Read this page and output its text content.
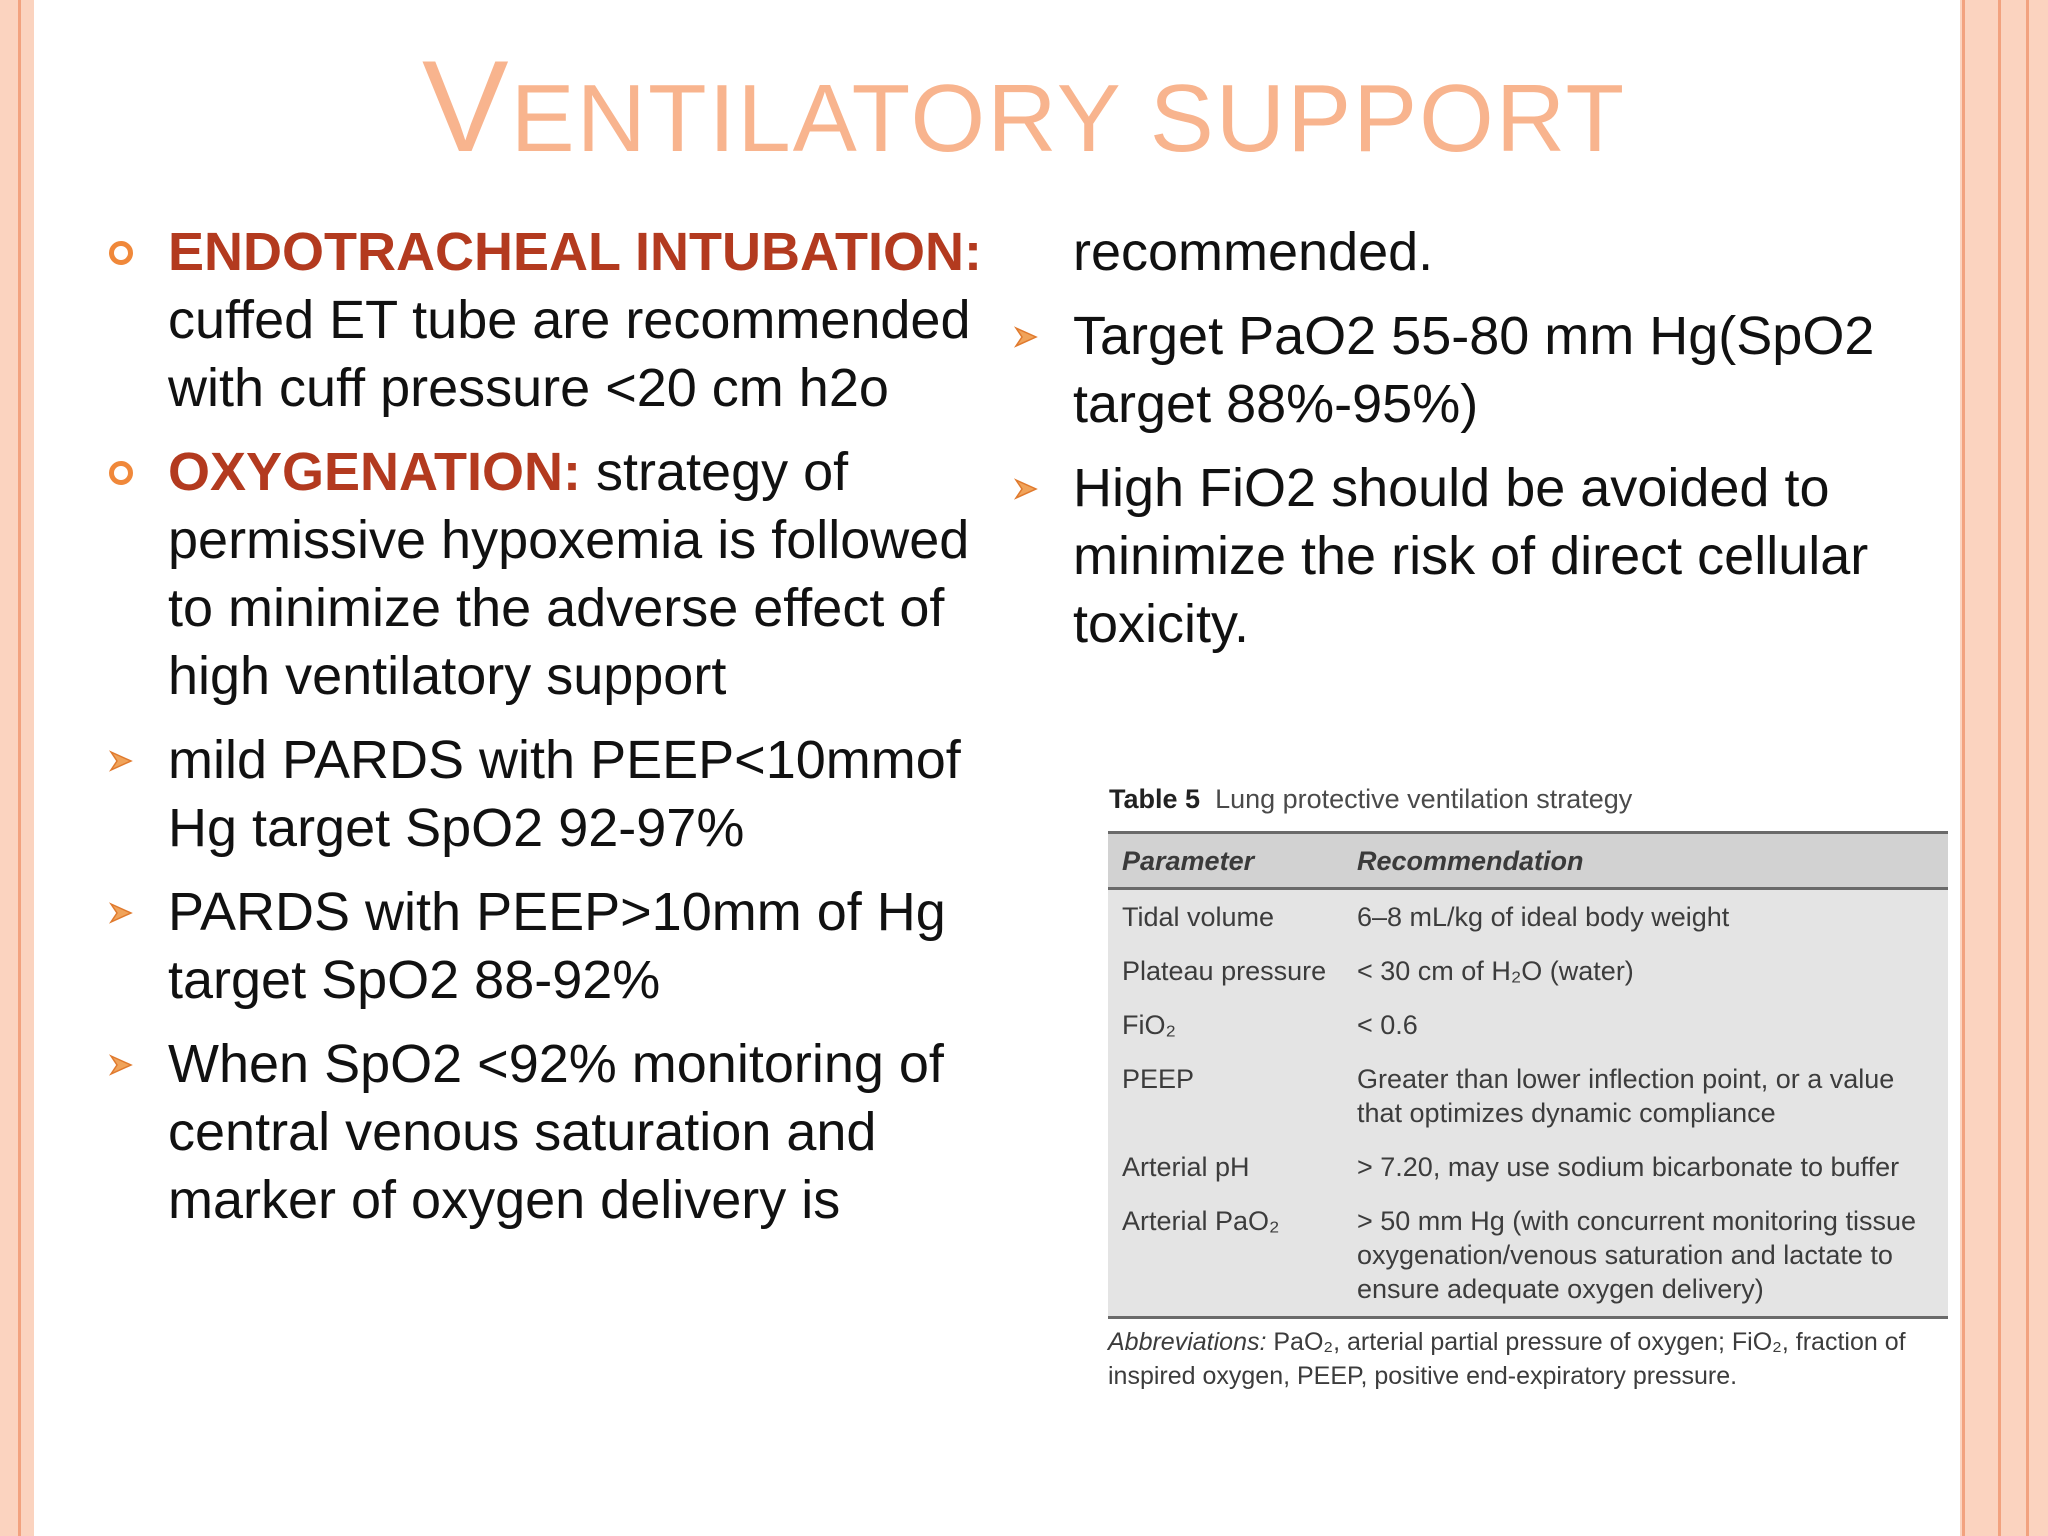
VENTILATORY SUPPORT
ENDOTRACHEAL INTUBATION: cuffed ET tube are recommended with cuff pressure <20 cm h2o
OXYGENATION: strategy of permissive hypoxemia is followed to minimize the adverse effect of high ventilatory support
mild PARDS with PEEP<10mmof Hg target SpO2 92-97%
PARDS with PEEP>10mm of Hg target SpO2 88-92%
When SpO2 <92% monitoring of central venous saturation and marker of oxygen delivery is
recommended.
Target PaO2 55-80 mm Hg(SpO2 target 88%-95%)
High FiO2 should be avoided to minimize the risk of direct cellular toxicity.
Table 5 Lung protective ventilation strategy
Parameter	Recommendation
Tidal volume	6–8 mL/kg of ideal body weight
Plateau pressure	< 30 cm of H₂O (water)
FiO₂	< 0.6
PEEP	Greater than lower inflection point, or a value that optimizes dynamic compliance
Arterial pH	> 7.20, may use sodium bicarbonate to buffer
Arterial PaO₂	> 50 mm Hg (with concurrent monitoring tissue oxygenation/venous saturation and lactate to ensure adequate oxygen delivery)
Abbreviations: PaO₂, arterial partial pressure of oxygen; FiO₂, fraction of inspired oxygen, PEEP, positive end-expiratory pressure.
